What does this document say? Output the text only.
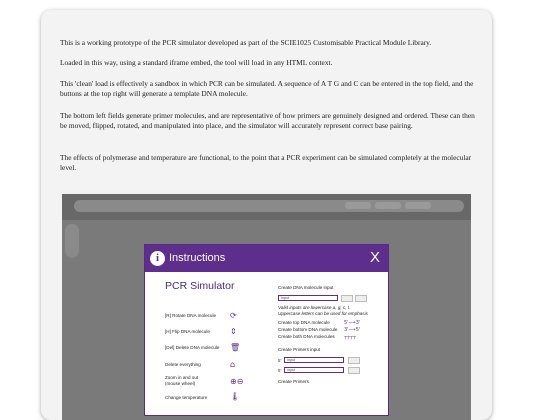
This is a working prototype of the PCR simulator developed as part of the SCIE1025 Customisable Practical Module Library.

Loaded in this way, using a standard iframe embed, the tool will load in any HTML context.

This 'clean' load is effectively a sandbox in which PCR can be simulated. A sequence of A T G and C can be entered in the top field, and the buttons at the top right will generate a template DNA molecule.

The bottom left fields generate primer molecules, and are representative of how primers are genuinely designed and ordered. These can then be moved, flipped, rotated, and manipulated into place, and the simulator will accurately represent correct base pairing.

The effects of polymerase and temperature are functional, to the point that a PCR experiment can be simulated completely at the molecular level.

i Instructions	X
PCR Simulator
[R] Rotate DNA molecule	⟳
[H] Flip DNA molecule	⇕
[Del] Delete DNA molecule	🗑
Delete everything	⌂
Zoom in and out
(mouse wheel)	⊕⊖
Change temperature	🌡
Create DNA molecule input
input
Valid inputs are lowercase a, g, c, t.
Uppercase letters can be used for emphasis
Create top DNA molecule	5'⟶3'
Create bottom DNA molecule 3'⟶5'
Create both DNA molecules ┬┬┬┬
Create Primers input
5'	input
5'	input
Create Primers
